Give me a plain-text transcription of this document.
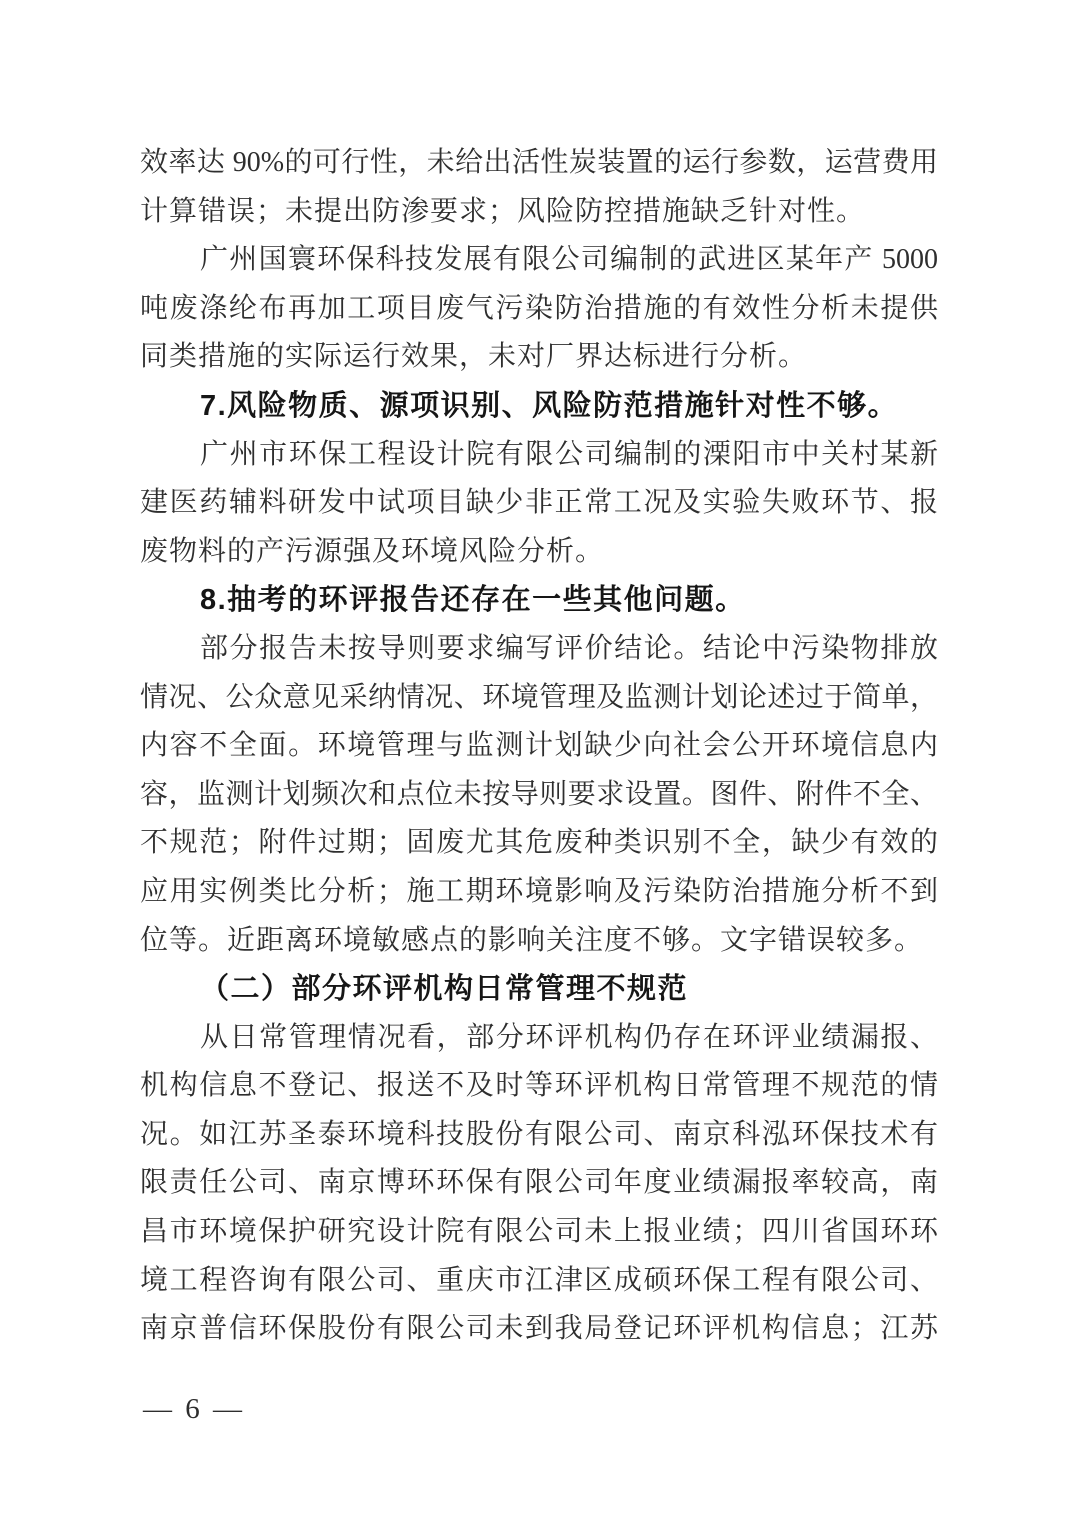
效率达 90%的可行性，未给出活性炭装置的运行参数，运营费用
计算错误；未提出防渗要求；风险防控措施缺乏针对性。
广州国寰环保科技发展有限公司编制的武进区某年产 5000
吨废涤纶布再加工项目废气污染防治措施的有效性分析未提供
同类措施的实际运行效果，未对厂界达标进行分析。
7.风险物质、源项识别、风险防范措施针对性不够。
广州市环保工程设计院有限公司编制的溧阳市中关村某新
建医药辅料研发中试项目缺少非正常工况及实验失败环节、报
废物料的产污源强及环境风险分析。
8.抽考的环评报告还存在一些其他问题。
部分报告未按导则要求编写评价结论。结论中污染物排放
情况、公众意见采纳情况、环境管理及监测计划论述过于简单，
内容不全面。环境管理与监测计划缺少向社会公开环境信息内
容，监测计划频次和点位未按导则要求设置。图件、附件不全、
不规范；附件过期；固废尤其危废种类识别不全，缺少有效的
应用实例类比分析；施工期环境影响及污染防治措施分析不到
位等。近距离环境敏感点的影响关注度不够。文字错误较多。
（二）部分环评机构日常管理不规范
从日常管理情况看，部分环评机构仍存在环评业绩漏报、
机构信息不登记、报送不及时等环评机构日常管理不规范的情
况。如江苏圣泰环境科技股份有限公司、南京科泓环保技术有
限责任公司、南京博环环保有限公司年度业绩漏报率较高，南
昌市环境保护研究设计院有限公司未上报业绩；四川省国环环
境工程咨询有限公司、重庆市江津区成硕环保工程有限公司、
南京普信环保股份有限公司未到我局登记环评机构信息；江苏
— 6 —
